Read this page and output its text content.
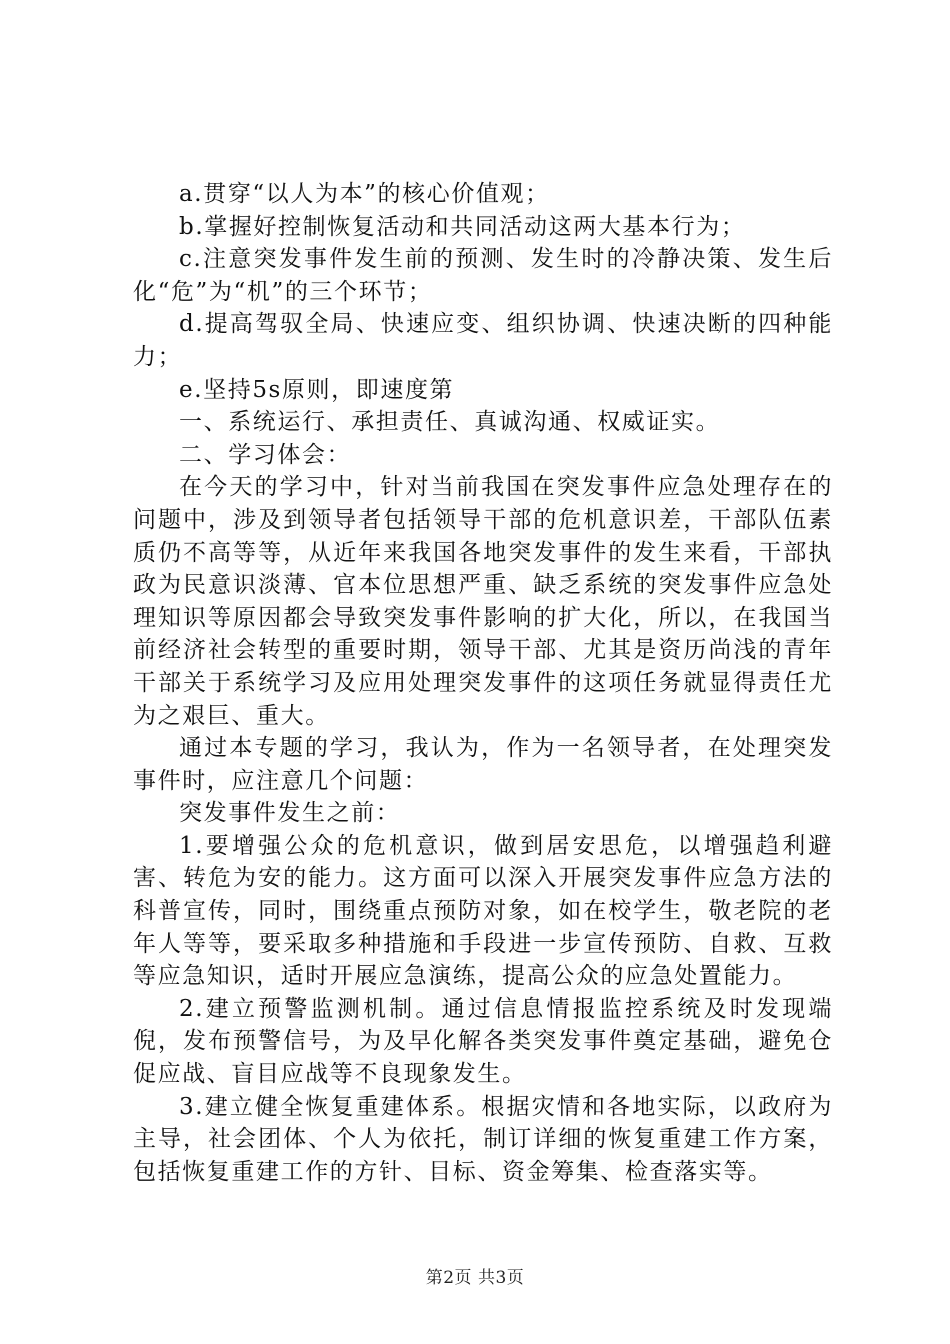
a.贯穿“以人为本”的核心价值观；

b.掌握好控制恢复活动和共同活动这两大基本行为；

c.注意突发事件发生前的预测、发生时的冷静决策、发生后化“危”为“机”的三个环节；

d.提高驾驭全局、快速应变、组织协调、快速决断的四种能力；

e.坚持5s原则，即速度第

一、系统运行、承担责任、真诚沟通、权威证实。

二、学习体会：

在今天的学习中，针对当前我国在突发事件应急处理存在的问题中，涉及到领导者包括领导干部的危机意识差，干部队伍素质仍不高等等，从近年来我国各地突发事件的发生来看，干部执政为民意识淡薄、官本位思想严重、缺乏系统的突发事件应急处理知识等原因都会导致突发事件影响的扩大化，所以，在我国当前经济社会转型的重要时期，领导干部、尤其是资历尚浅的青年干部关于系统学习及应用处理突发事件的这项任务就显得责任尤为之艰巨、重大。

通过本专题的学习，我认为，作为一名领导者，在处理突发事件时，应注意几个问题：

突发事件发生之前：

1.要增强公众的危机意识，做到居安思危，以增强趋利避害、转危为安的能力。这方面可以深入开展突发事件应急方法的科普宣传，同时，围绕重点预防对象，如在校学生，敬老院的老年人等等，要采取多种措施和手段进一步宣传预防、自救、互救等应急知识，适时开展应急演练，提高公众的应急处置能力。

2.建立预警监测机制。通过信息情报监控系统及时发现端倪，发布预警信号，为及早化解各类突发事件奠定基础，避免仓促应战、盲目应战等不良现象发生。

3.建立健全恢复重建体系。根据灾情和各地实际，以政府为主导，社会团体、个人为依托，制订详细的恢复重建工作方案，包括恢复重建工作的方针、目标、资金筹集、检查落实等。

第2页 共3页
